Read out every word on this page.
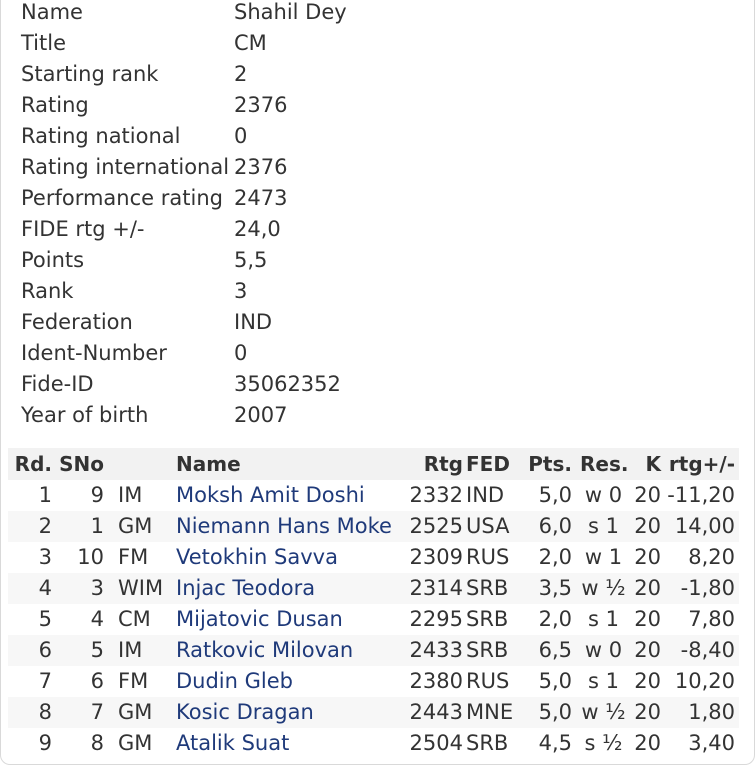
Name	Shahil Dey
Title	CM
Starting rank	2
Rating	2376
Rating national	0
Rating international 2376
Performance rating 2473
FIDE rtg +/-	24,0
Points	5,5
Rank	3
Federation	IND
Ident-Number	0
Fide-ID	35062352
Year of birth	2007
Rd. SNo	Name	Rtg FED Pts. Res. K rtg+/-
1	9 IM	Moksh Amit Doshi	2332 IND	5,0 w 0 20 -11,20
2	1 GM	Niemann Hans Moke 2525 USA	6,0 s 1 20 14,00
3	10 FM	Vetokhin Savva	2309 RUS	2,0 w 1 20	8,20
4	3 WIM Injac Teodora	2314 SRB	3,5 w ½ 20 -1,80
5	4 CM	Mijatovic Dusan	2295 SRB	2,0 s 1 20	7,80
6	5 IM	Ratkovic Milovan	2433 SRB	6,5 w 0 20 -8,40
7	6 FM	Dudin Gleb	2380 RUS	5,0 s 1 20 10,20
8	7 GM	Kosic Dragan	2443 MNE	5,0 w ½ 20	1,80
9	8 GM	Atalik Suat	2504 SRB	4,5 s ½ 20	3,40
